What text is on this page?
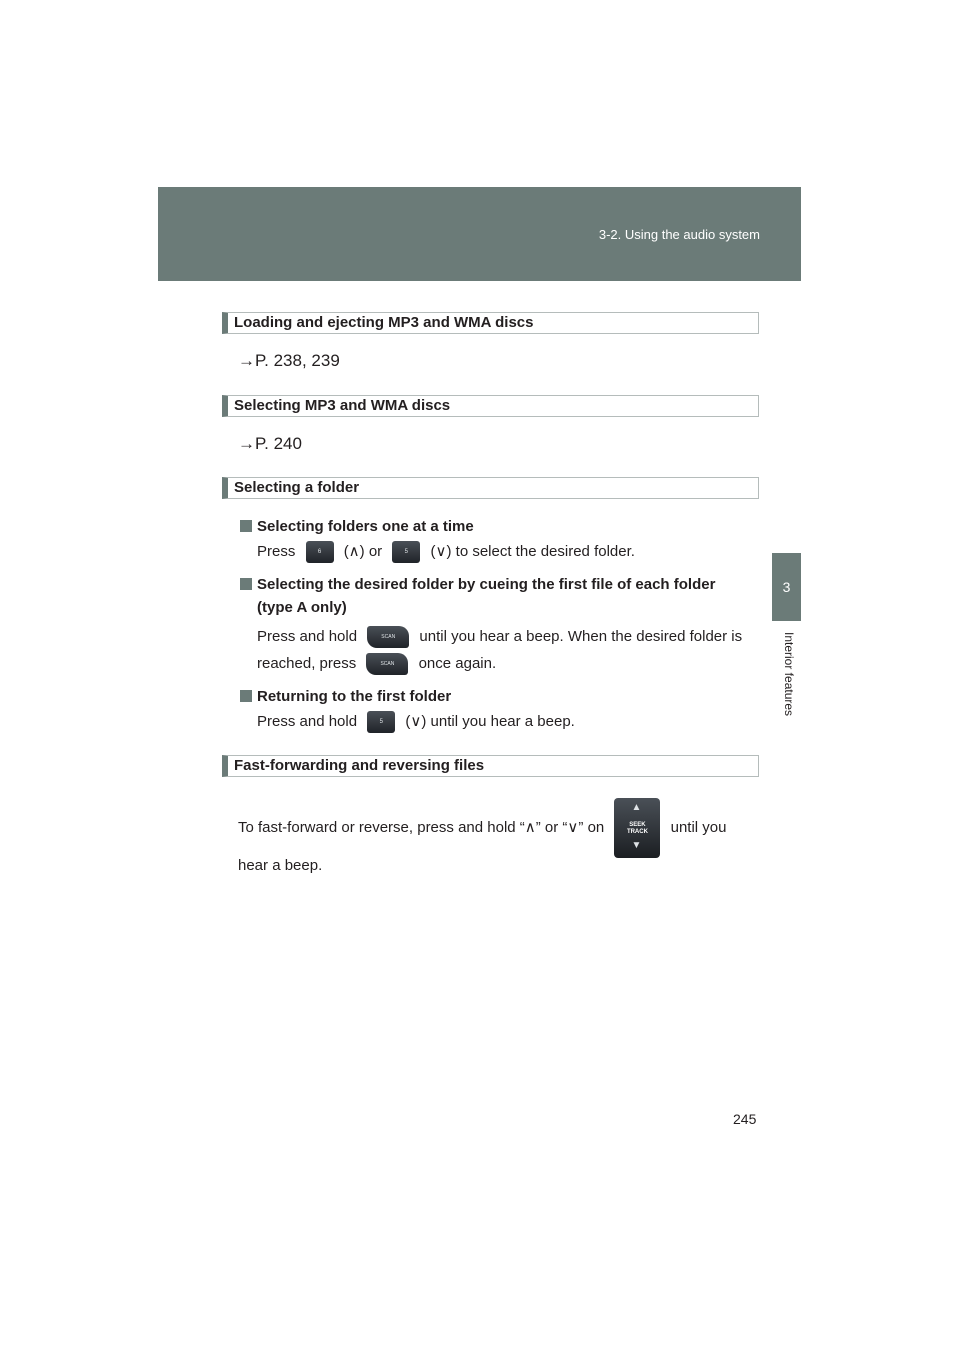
3-2. Using the audio system
3
Interior features
Loading and ejecting MP3 and WMA discs
→P. 238, 239
Selecting MP3 and WMA discs
→P. 240
Selecting a folder
Selecting folders one at a time
Press	6 (∧) or	5 (∨) to select the desired folder.
Selecting the desired folder by cueing the first file of each folder
(type A only)
Press and hold	SCAN until you hear a beep. When the desired folder is
reached, press	SCAN once again.
Returning to the first folder
Press and hold	5 (∨) until you hear a beep.
Fast-forwarding and reversing files
To fast-forward or reverse, press and hold “∧” or “∨” on
▲
SEEK
TRACK
▼
until you
hear a beep.
245
